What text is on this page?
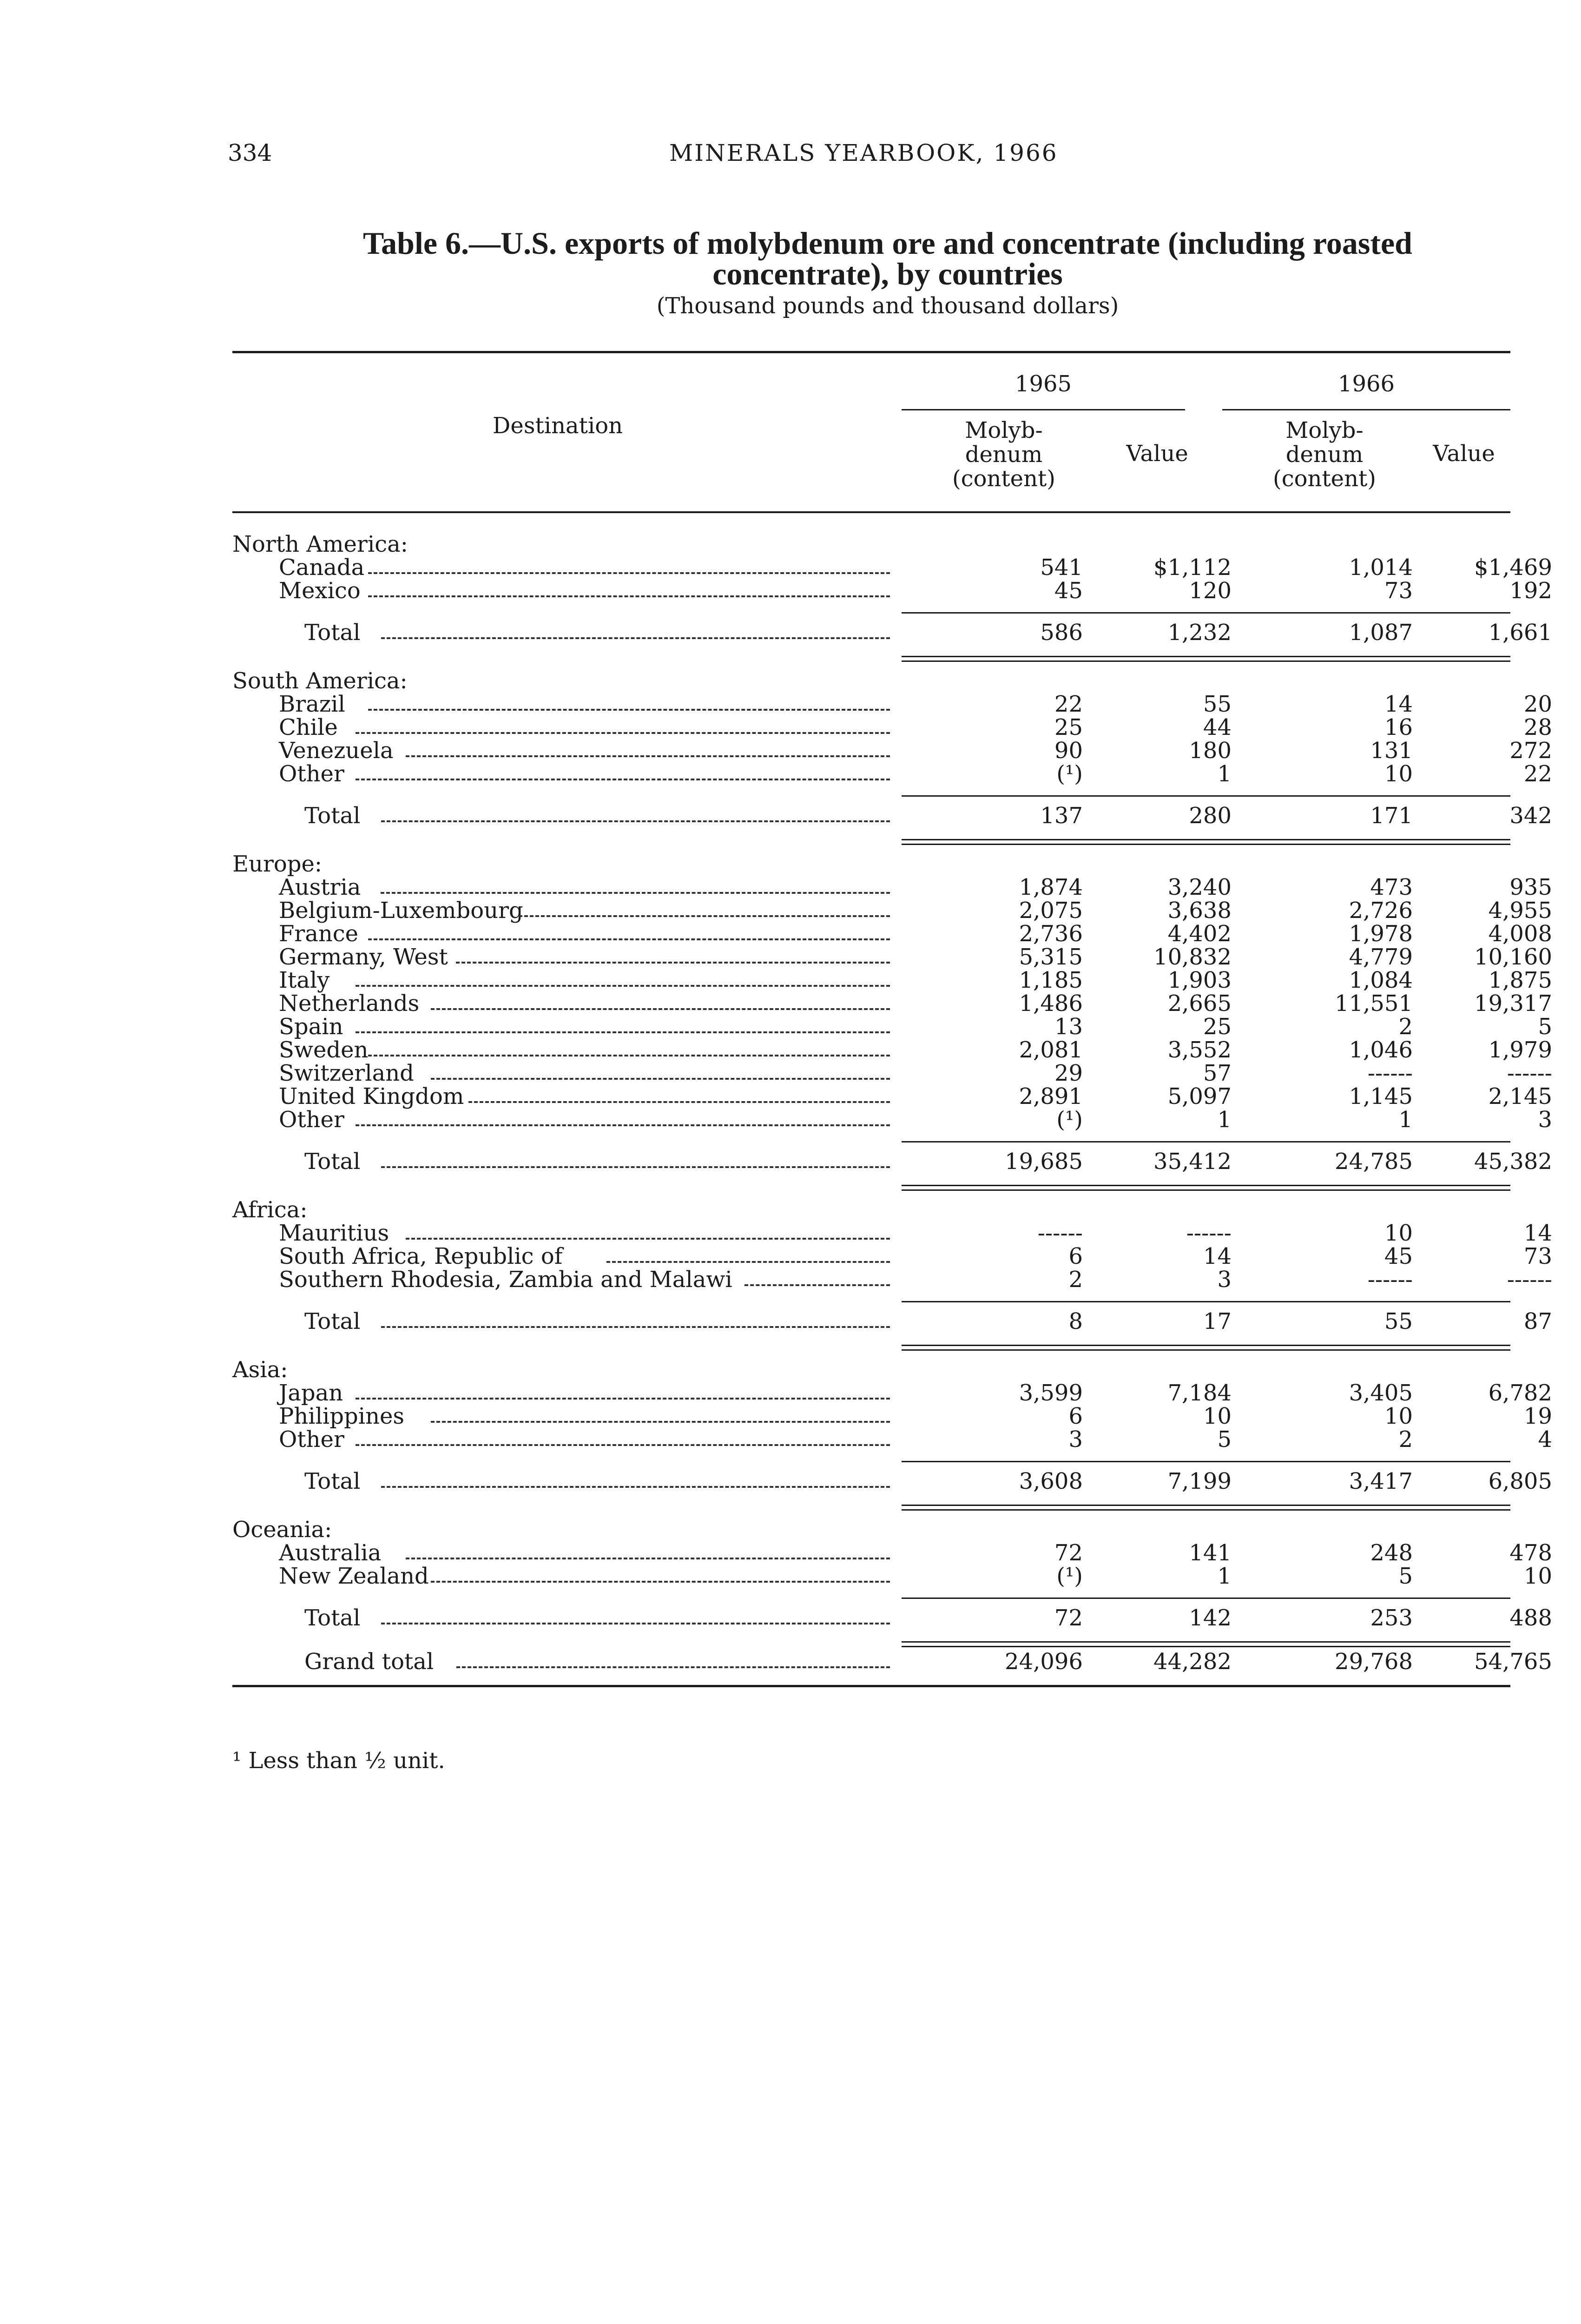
334	MINERALS YEARBOOK, 1966
Table 6.—U.S. exports of molybdenum ore and concentrate (including roasted concentrate), by countries
(Thousand pounds and thousand dollars)
Destination
1965	1966
Molyb- denum (content)
Value
Molyb- denum (content)
Value
North America:
Canada	541	$1,112	1,014	$1,469
Mexico	45	120	73	192
Total	586	1,232	1,087	1,661
South America:
Brazil	22	55	14	20
Chile	25	44	16	28
Venezuela	90	180	131	272
Other	(¹)	1	10	22
Total	137	280	171	342
Europe:
Austria	1,874	3,240	473	935
Belgium-Luxembourg	2,075	3,638	2,726	4,955
France	2,736	4,402	1,978	4,008
Germany, West	5,315	10,832	4,779	10,160
Italy	1,185	1,903	1,084	1,875
Netherlands	1,486	2,665	11,551	19,317
Spain	13	25	2	5
Sweden	2,081	3,552	1,046	1,979
Switzerland	29	57	------	------
United Kingdom	2,891	5,097	1,145	2,145
Other	(¹)	1	1	3
Total	19,685	35,412	24,785	45,382
Africa:
Mauritius	------	------	10	14
South Africa, Republic of	6	14	45	73
Southern Rhodesia, Zambia and Malawi	2	3	------	------
Total	8	17	55	87
Asia:
Japan	3,599	7,184	3,405	6,782
Philippines	6	10	10	19
Other	3	5	2	4
Total	3,608	7,199	3,417	6,805
Oceania:
Australia	72	141	248	478
New Zealand	(¹)	1	5	10
Total	72	142	253	488
Grand total	24,096	44,282	29,768	54,765
¹ Less than ½ unit.
